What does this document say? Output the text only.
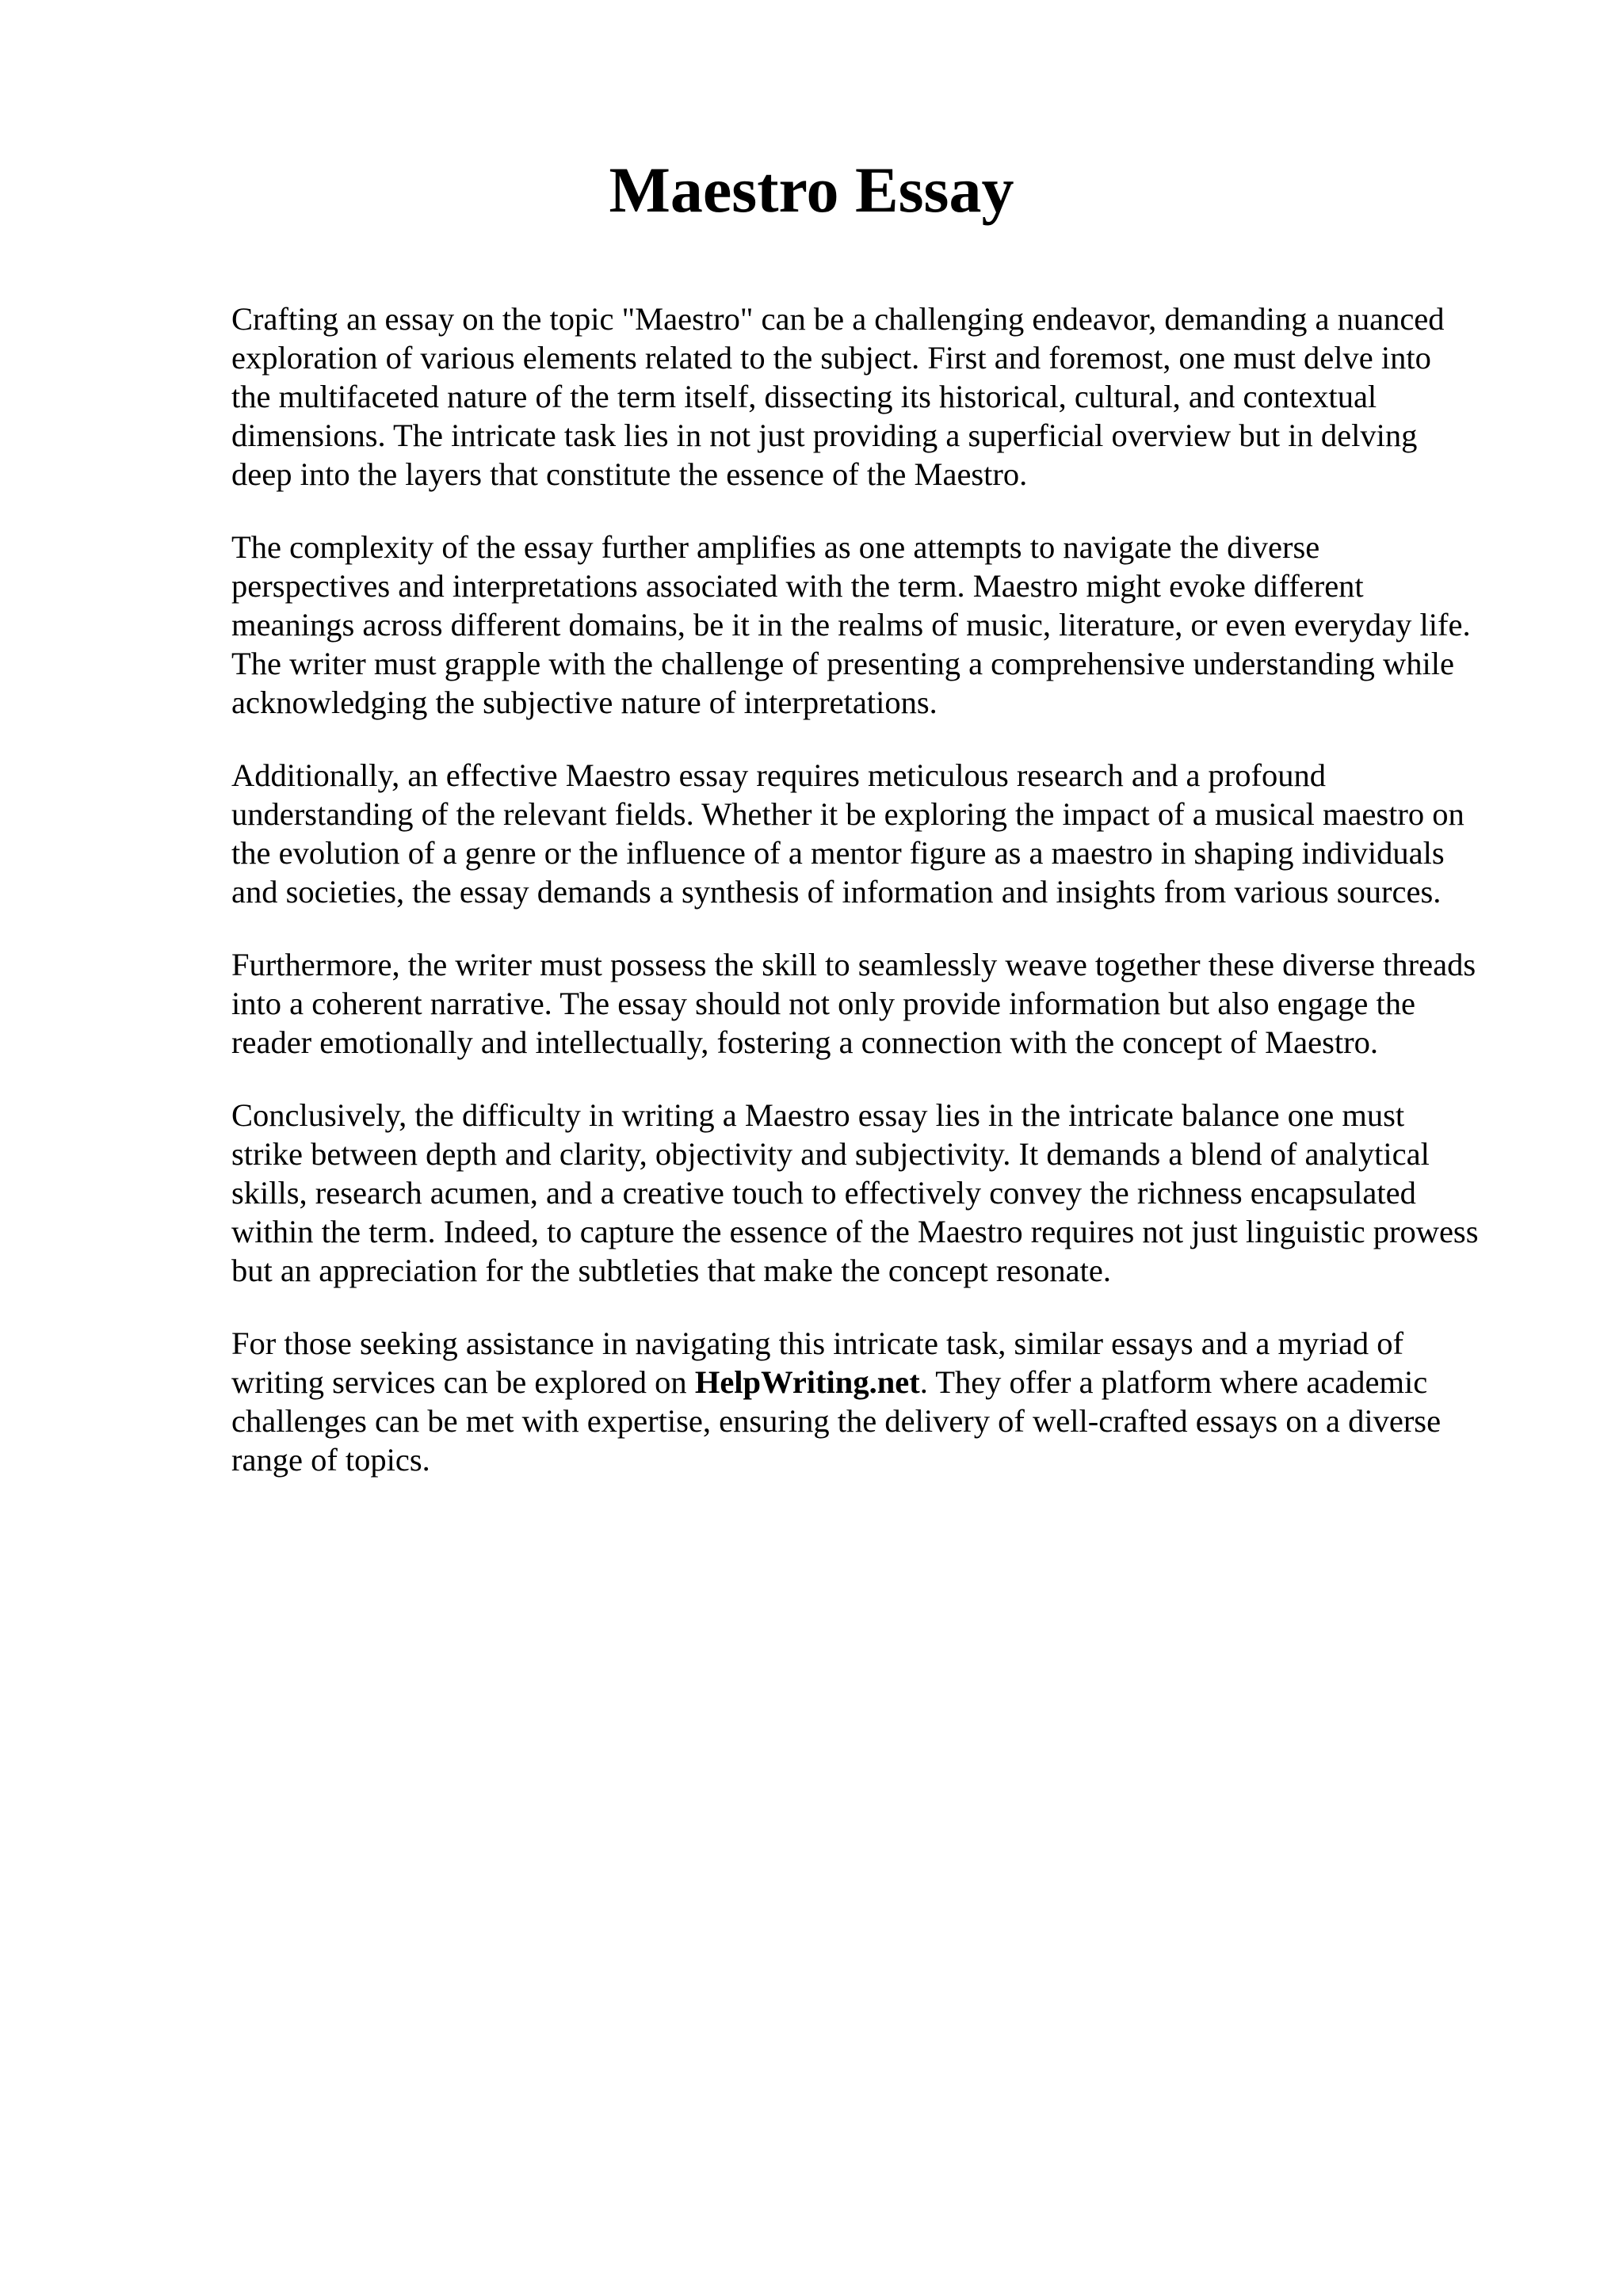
Maestro Essay

Crafting an essay on the topic "Maestro" can be a challenging endeavor, demanding a nuanced
exploration of various elements related to the subject. First and foremost, one must delve into
the multifaceted nature of the term itself, dissecting its historical, cultural, and contextual
dimensions. The intricate task lies in not just providing a superficial overview but in delving
deep into the layers that constitute the essence of the Maestro.

The complexity of the essay further amplifies as one attempts to navigate the diverse
perspectives and interpretations associated with the term. Maestro might evoke different
meanings across different domains, be it in the realms of music, literature, or even everyday life.
The writer must grapple with the challenge of presenting a comprehensive understanding while
acknowledging the subjective nature of interpretations.

Additionally, an effective Maestro essay requires meticulous research and a profound
understanding of the relevant fields. Whether it be exploring the impact of a musical maestro on
the evolution of a genre or the influence of a mentor figure as a maestro in shaping individuals
and societies, the essay demands a synthesis of information and insights from various sources.

Furthermore, the writer must possess the skill to seamlessly weave together these diverse threads
into a coherent narrative. The essay should not only provide information but also engage the
reader emotionally and intellectually, fostering a connection with the concept of Maestro.

Conclusively, the difficulty in writing a Maestro essay lies in the intricate balance one must
strike between depth and clarity, objectivity and subjectivity. It demands a blend of analytical
skills, research acumen, and a creative touch to effectively convey the richness encapsulated
within the term. Indeed, to capture the essence of the Maestro requires not just linguistic prowess
but an appreciation for the subtleties that make the concept resonate.

For those seeking assistance in navigating this intricate task, similar essays and a myriad of
writing services can be explored on HelpWriting.net. They offer a platform where academic
challenges can be met with expertise, ensuring the delivery of well-crafted essays on a diverse
range of topics.
